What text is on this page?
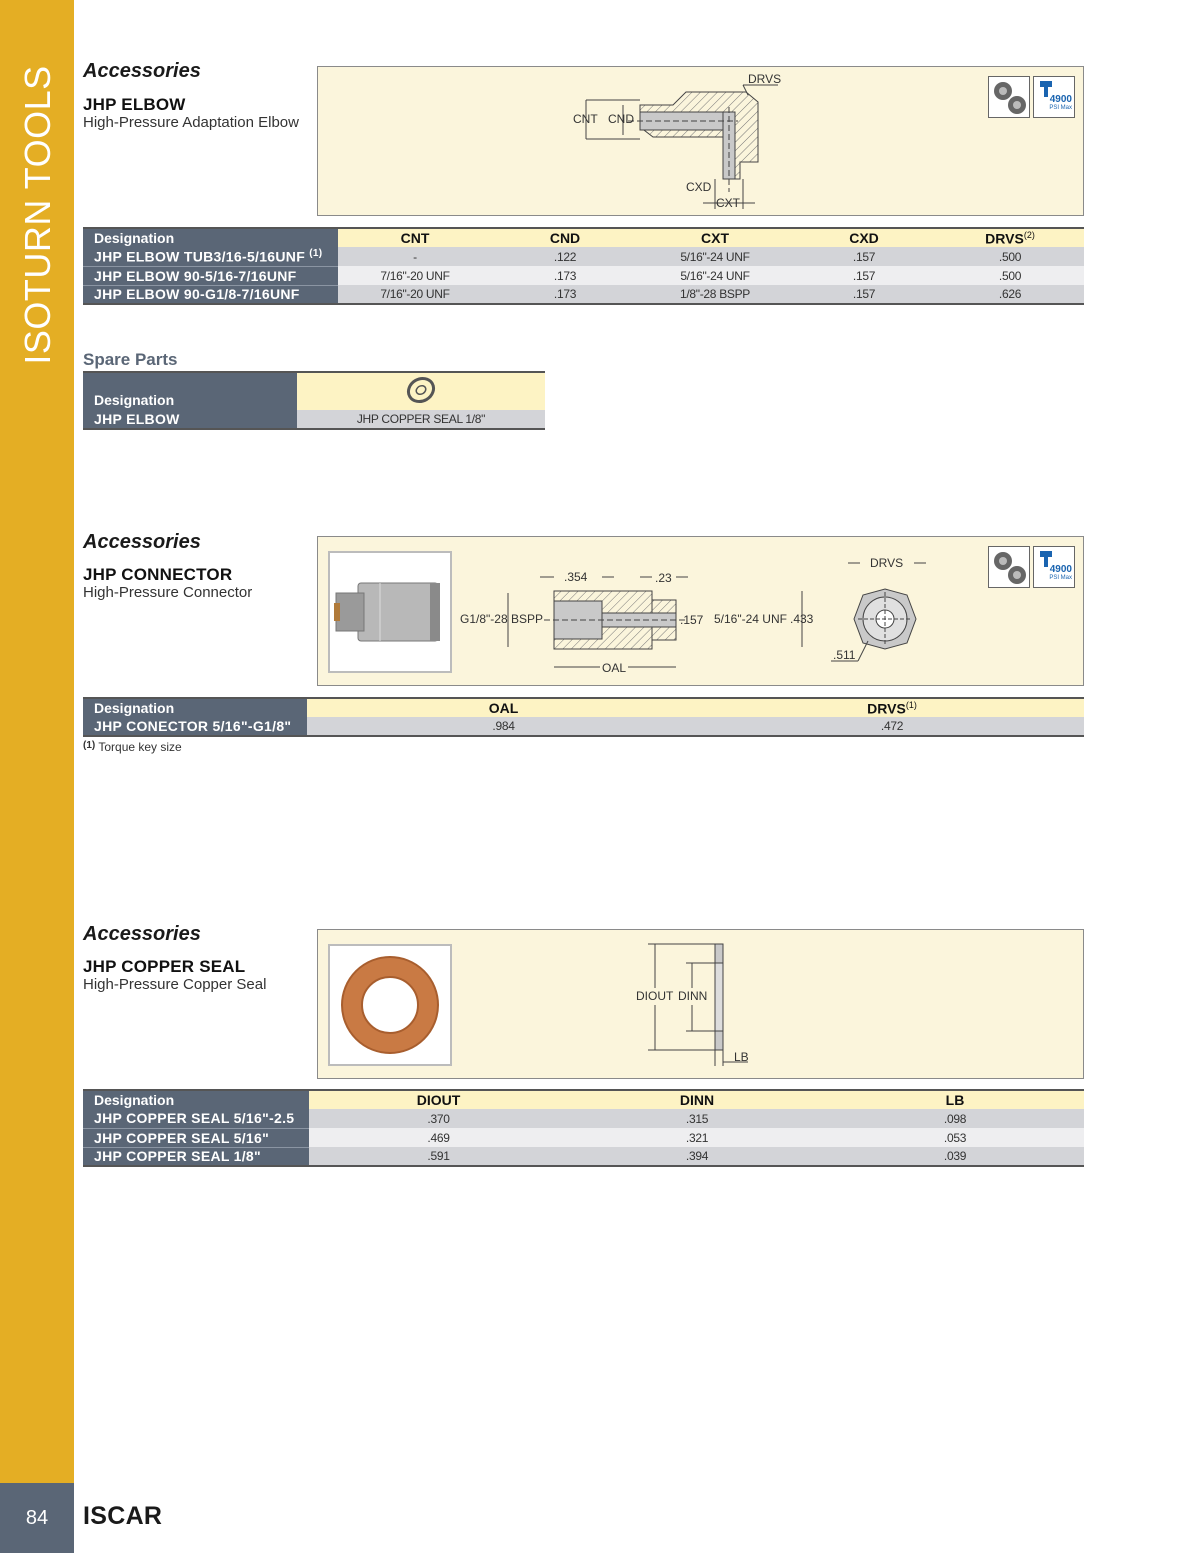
ISOTURN TOOLS
84	ISCAR
Accessories
JHP ELBOW
High-Pressure Adaptation Elbow	CNT CND
DRVS
CXD
CXT
4900
PSI Max
Designation	CNT	CND	CXT	CXD	DRVS$^{(2)}$
JHP ELBOW TUB3/16-5/16UNF $^{(1)}$	-	.122	5/16"-24 UNF	.157	.500
JHP ELBOW 90-5/16-7/16UNF	7/16"-20 UNF	.173	5/16"-24 UNF	.157	.500
JHP ELBOW 90-G1/8-7/16UNF	7/16"-20 UNF	.173	1/8"-28 BSPP	.157	.626
Spare Parts
Designation	
JHP ELBOW	JHP COPPER SEAL 1/8"
Accessories
JHP CONNECTOR
High-Pressure Connector
.354	.23
G1/8"-28 BSPP	.157 5/16"-24 UNF .433
OAL
DRVS
.511
4900
PSI Max
Designation	OAL	DRVS$^{(1)}$
JHP CONECTOR 5/16"-G1/8"	.984	.472
$^{(1)}$ Torque key size
Accessories
JHP COPPER SEAL
High-Pressure Copper Seal
DIOUT DINN
LB
Designation	DIOUT	DINN	LB
JHP COPPER SEAL 5/16"-2.5	.370	.315	.098
JHP COPPER SEAL 5/16"	.469	.321	.053
JHP COPPER SEAL 1/8"	.591	.394	.039
